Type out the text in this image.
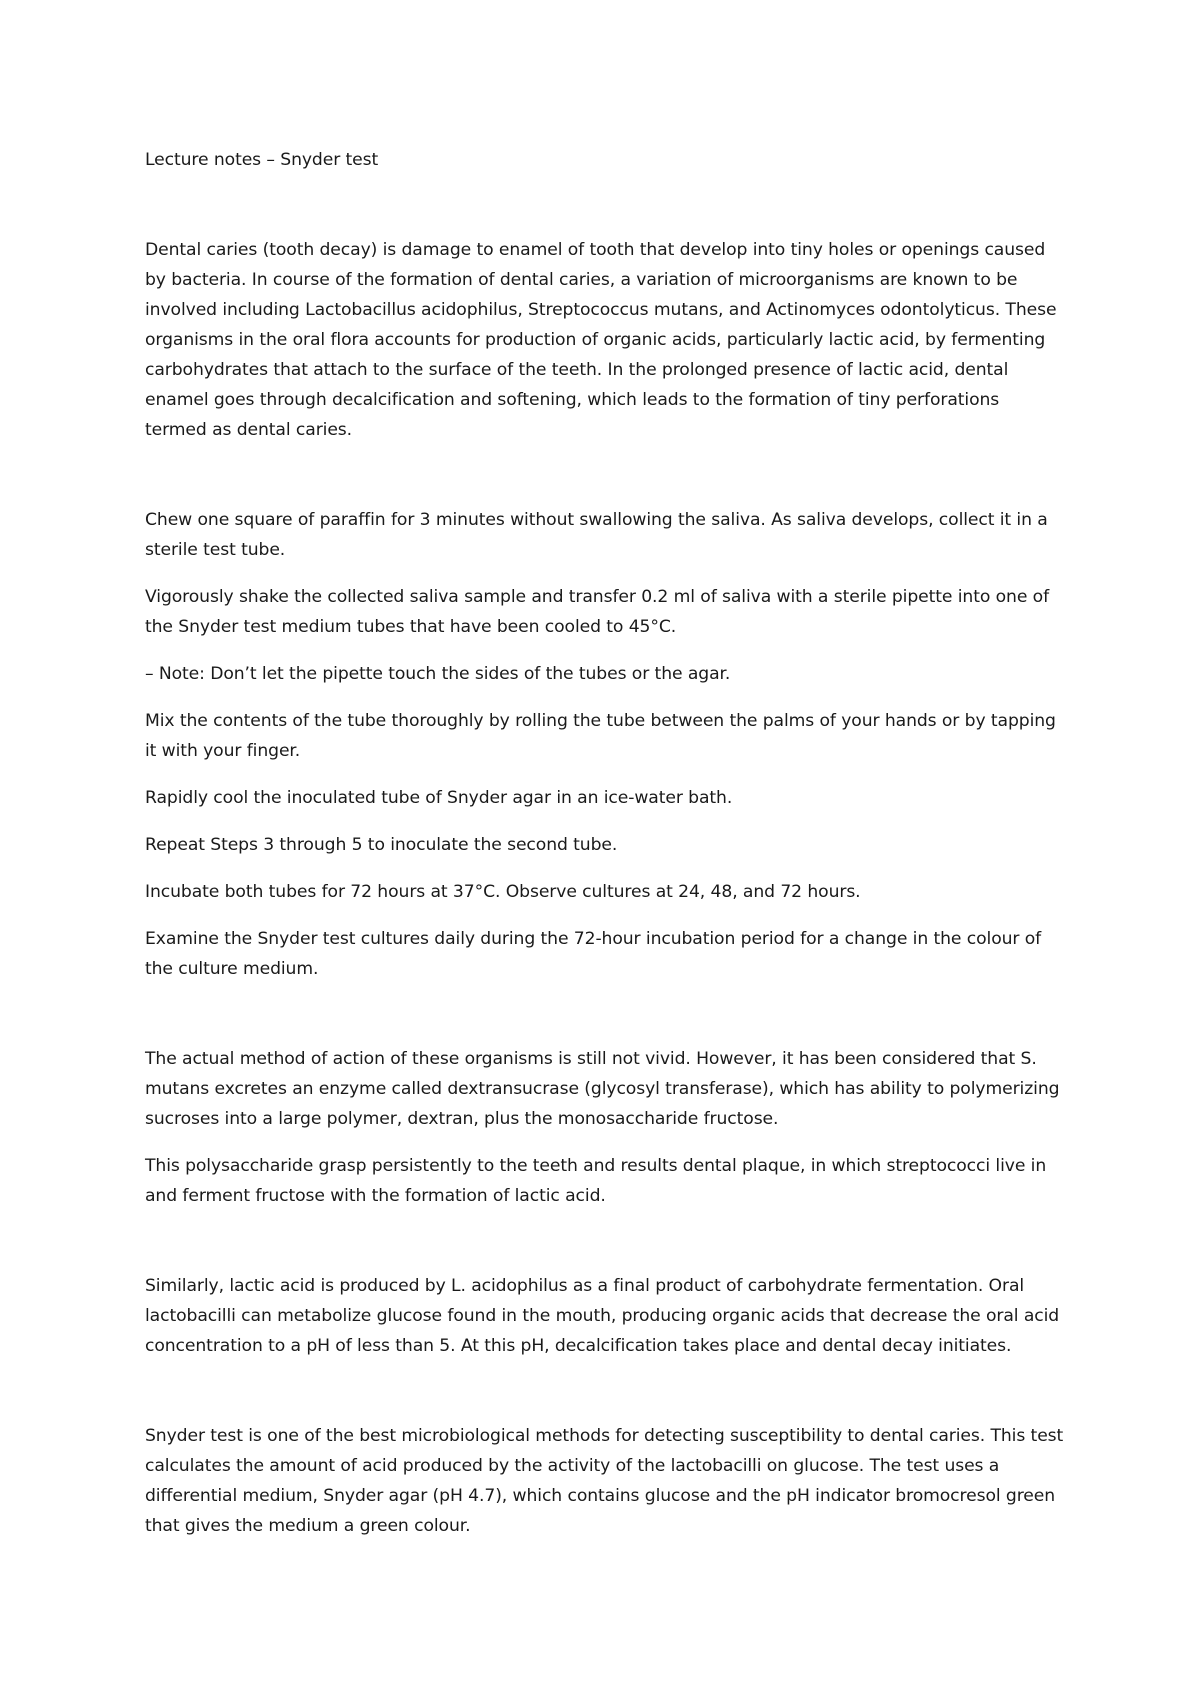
Lecture notes – Snyder test

Dental caries (tooth decay) is damage to enamel of tooth that develop into tiny holes or openings caused by bacteria. In course of the formation of dental caries, a variation of microorganisms are known to be involved including Lactobacillus acidophilus, Streptococcus mutans, and Actinomyces odontolyticus. These organisms in the oral flora accounts for production of organic acids, particularly lactic acid, by fermenting carbohydrates that attach to the surface of the teeth. In the prolonged presence of lactic acid, dental enamel goes through decalcification and softening, which leads to the formation of tiny perforations termed as dental caries.

Chew one square of paraffin for 3 minutes without swallowing the saliva. As saliva develops, collect it in a sterile test tube.

Vigorously shake the collected saliva sample and transfer 0.2 ml of saliva with a sterile pipette into one of the Snyder test medium tubes that have been cooled to 45°C.

– Note: Don’t let the pipette touch the sides of the tubes or the agar.

Mix the contents of the tube thoroughly by rolling the tube between the palms of your hands or by tapping it with your finger.

Rapidly cool the inoculated tube of Snyder agar in an ice-water bath.

Repeat Steps 3 through 5 to inoculate the second tube.

Incubate both tubes for 72 hours at 37°C. Observe cultures at 24, 48, and 72 hours.

Examine the Snyder test cultures daily during the 72-hour incubation period for a change in the colour of the culture medium.

The actual method of action of these organisms is still not vivid. However, it has been considered that S. mutans excretes an enzyme called dextransucrase (glycosyl transferase), which has ability to polymerizing sucroses into a large polymer, dextran, plus the monosaccharide fructose.

This polysaccharide grasp persistently to the teeth and results dental plaque, in which streptococci live in and ferment fructose with the formation of lactic acid.

Similarly, lactic acid is produced by L. acidophilus as a final product of carbohydrate fermentation. Oral lactobacilli can metabolize glucose found in the mouth, producing organic acids that decrease the oral acid concentration to a pH of less than 5. At this pH, decalcification takes place and dental decay initiates.

Snyder test is one of the best microbiological methods for detecting susceptibility to dental caries. This test calculates the amount of acid produced by the activity of the lactobacilli on glucose. The test uses a differential medium, Snyder agar (pH 4.7), which contains glucose and the pH indicator bromocresol green that gives the medium a green colour.
